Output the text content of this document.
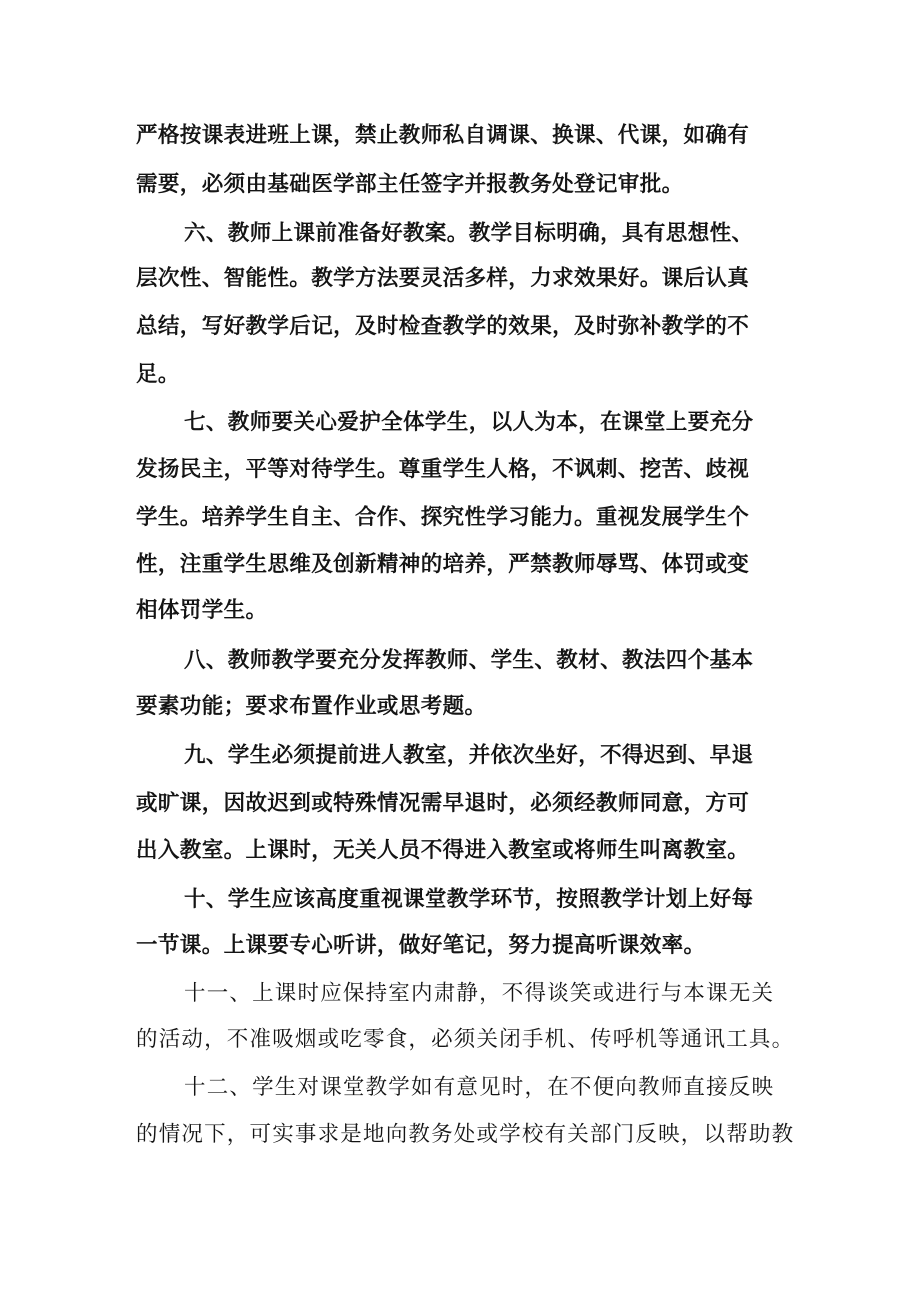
严格按课表进班上课，禁止教师私自调课、换课、代课，如确有
需要，必须由基础医学部主任签字并报教务处登记审批。
六、教师上课前准备好教案。教学目标明确，具有思想性、
层次性、智能性。教学方法要灵活多样，力求效果好。课后认真
总结，写好教学后记，及时检查教学的效果，及时弥补教学的不
足。
七、教师要关心爱护全体学生，以人为本，在课堂上要充分
发扬民主，平等对待学生。尊重学生人格，不讽刺、挖苦、歧视
学生。培养学生自主、合作、探究性学习能力。重视发展学生个
性，注重学生思维及创新精神的培养，严禁教师辱骂、体罚或变
相体罚学生。
八、教师教学要充分发挥教师、学生、教材、教法四个基本
要素功能；要求布置作业或思考题。
九、学生必须提前进人教室，并依次坐好，不得迟到、早退
或旷课，因故迟到或特殊情况需早退时，必须经教师同意，方可
出入教室。上课时，无关人员不得进入教室或将师生叫离教室。
十、学生应该高度重视课堂教学环节，按照教学计划上好每
一节课。上课要专心听讲，做好笔记，努力提高听课效率。
十一、上课时应保持室内肃静，不得谈笑或进行与本课无关
的活动，不准吸烟或吃零食，必须关闭手机、传呼机等通讯工具。
十二、学生对课堂教学如有意见时，在不便向教师直接反映
的情况下，可实事求是地向教务处或学校有关部门反映，以帮助教
